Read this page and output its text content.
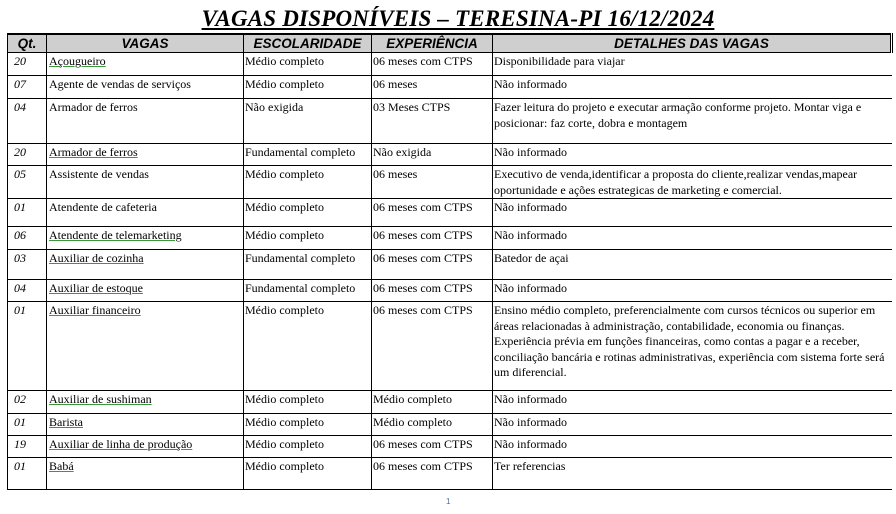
VAGAS DISPONÍVEIS – TERESINA-PI 16/12/2024
Qt.	VAGAS	ESCOLARIDADE	EXPERIÊNCIA	DETALHES DAS VAGAS
20	Açougueiro	Médio completo	06 meses com CTPS	Disponibilidade para viajar
07	Agente de vendas de serviços	Médio completo	06 meses	Não informado
04	Armador de ferros	Não exigida	03 Meses CTPS	Fazer leitura do projeto e executar armação conforme projeto. Montar viga e posicionar: faz corte, dobra e montagem
20	Armador de ferros	Fundamental completo	Não exigida	Não informado
05	Assistente de vendas	Médio completo	06 meses	Executivo de venda,identificar a proposta do cliente,realizar vendas,mapear oportunidade e ações estrategicas de marketing e comercial.
01	Atendente de cafeteria	Médio completo	06 meses com CTPS	Não informado
06	Atendente de telemarketing	Médio completo	06 meses com CTPS	Não informado
03	Auxiliar de cozinha	Fundamental completo	06 meses com CTPS	Batedor de açai
04	Auxiliar de estoque	Fundamental completo	06 meses com CTPS	Não informado
01	Auxiliar financeiro	Médio completo	06 meses com CTPS	Ensino médio completo, preferencialmente com cursos técnicos ou superior em áreas relacionadas à administração, contabilidade, economia ou finanças. Experiência prévia em funções financeiras, como contas a pagar e a receber, conciliação bancária e rotinas administrativas, experiência com sistema forte será um diferencial.
02	Auxiliar de sushiman	Médio completo	Médio completo	Não informado
01	Barista	Médio completo	Médio completo	Não informado
19	Auxiliar de linha de produção	Médio completo	06 meses com CTPS	Não informado
01	Babá	Médio completo	06 meses com CTPS	Ter referencias
1
